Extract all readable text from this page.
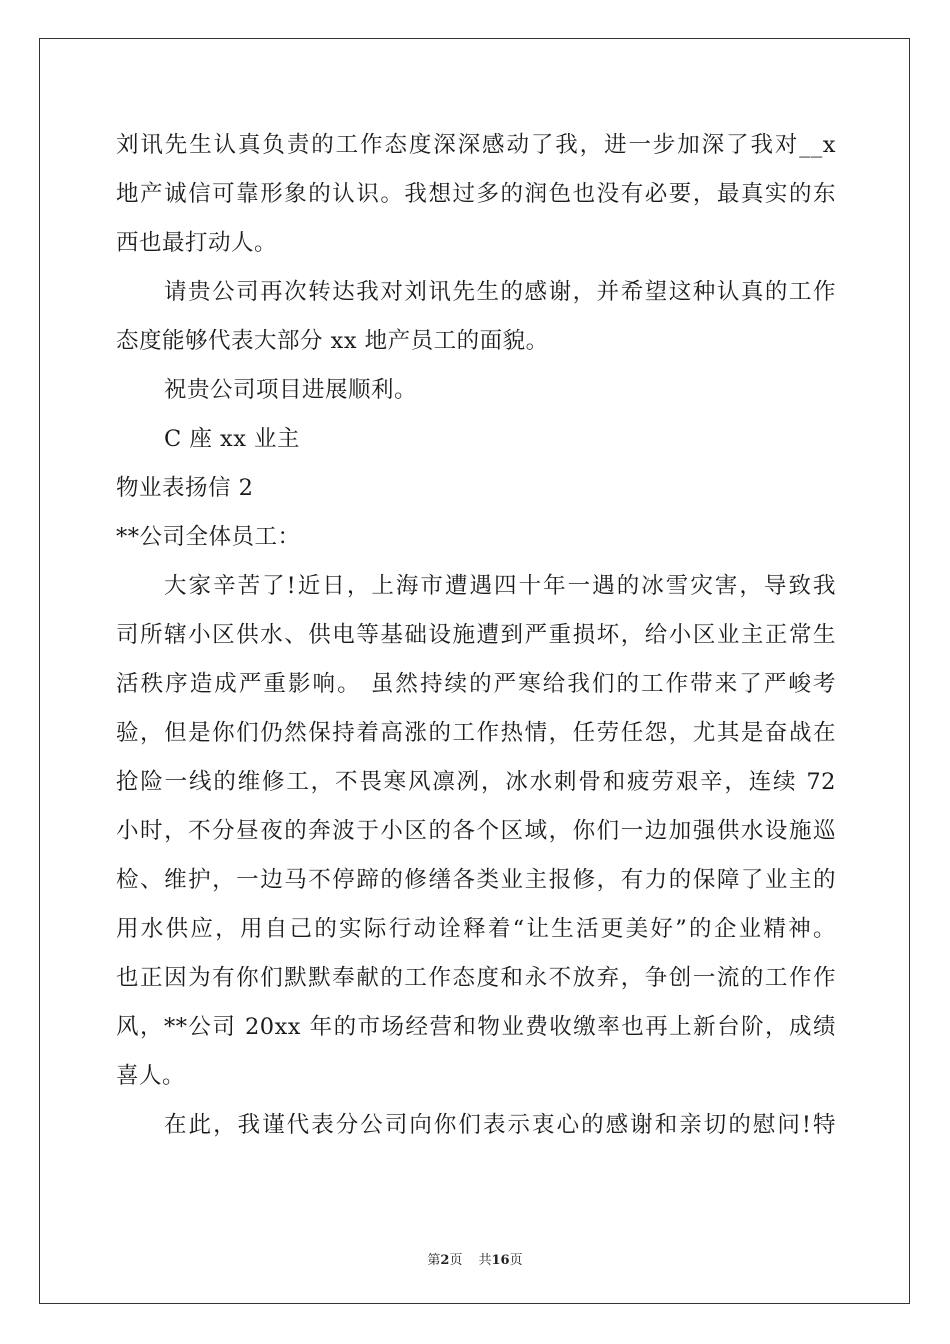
刘讯先生认真负责的工作态度深深感动了我，进一步加深了我对__x
地产诚信可靠形象的认识。我想过多的润色也没有必要，最真实的东
西也最打动人。
请贵公司再次转达我对刘讯先生的感谢，并希望这种认真的工作
态度能够代表大部分 xx 地产员工的面貌。
祝贵公司项目进展顺利。
C 座 xx 业主
物业表扬信 2
**公司全体员工：
大家辛苦了!近日，上海市遭遇四十年一遇的冰雪灾害，导致我
司所辖小区供水、供电等基础设施遭到严重损坏，给小区业主正常生
活秩序造成严重影响。 虽然持续的严寒给我们的工作带来了严峻考
验，但是你们仍然保持着高涨的工作热情，任劳任怨，尤其是奋战在
抢险一线的维修工，不畏寒风凛冽，冰水刺骨和疲劳艰辛，连续 72
小时，不分昼夜的奔波于小区的各个区域，你们一边加强供水设施巡
检、维护，一边马不停蹄的修缮各类业主报修，有力的保障了业主的
用水供应，用自己的实际行动诠释着“让生活更美好”的企业精神。
也正因为有你们默默奉献的工作态度和永不放弃，争创一流的工作作
风，**公司 20xx 年的市场经营和物业费收缴率也再上新台阶，成绩
喜人。
在此，我谨代表分公司向你们表示衷心的感谢和亲切的慰问!特
第2页 共16页
